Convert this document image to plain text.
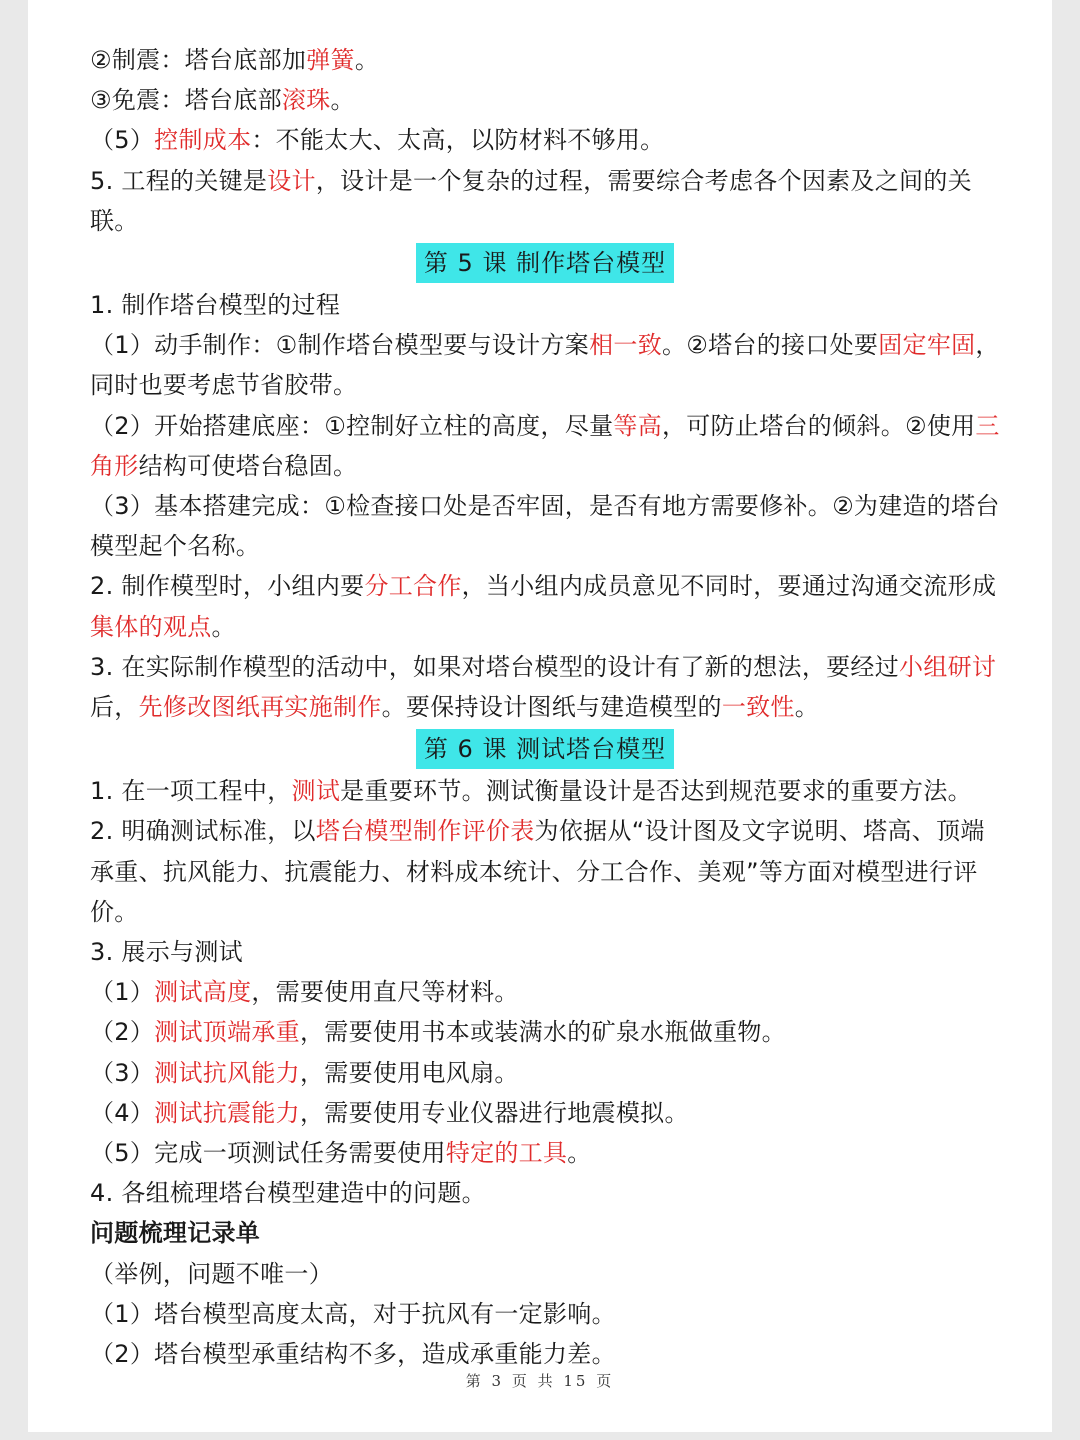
②制震：塔台底部加弹簧。
③免震：塔台底部滚珠。
（5）控制成本：不能太大、太高，以防材料不够用。
5. 工程的关键是设计，设计是一个复杂的过程，需要综合考虑各个因素及之间的关联。
第 5 课 制作塔台模型
1. 制作塔台模型的过程
（1）动手制作：①制作塔台模型要与设计方案相一致。②塔台的接口处要固定牢固，同时也要考虑节省胶带。
（2）开始搭建底座：①控制好立柱的高度，尽量等高，可防止塔台的倾斜。②使用三角形结构可使塔台稳固。
（3）基本搭建完成：①检查接口处是否牢固，是否有地方需要修补。②为建造的塔台模型起个名称。
2. 制作模型时，小组内要分工合作，当小组内成员意见不同时，要通过沟通交流形成集体的观点。
3. 在实际制作模型的活动中，如果对塔台模型的设计有了新的想法，要经过小组研讨后，先修改图纸再实施制作。要保持设计图纸与建造模型的一致性。
第 6 课 测试塔台模型
1. 在一项工程中，测试是重要环节。测试衡量设计是否达到规范要求的重要方法。
2. 明确测试标准，以塔台模型制作评价表为依据从“设计图及文字说明、塔高、顶端承重、抗风能力、抗震能力、材料成本统计、分工合作、美观”等方面对模型进行评价。
3. 展示与测试
（1）测试高度，需要使用直尺等材料。
（2）测试顶端承重，需要使用书本或装满水的矿泉水瓶做重物。
（3）测试抗风能力，需要使用电风扇。
（4）测试抗震能力，需要使用专业仪器进行地震模拟。
（5）完成一项测试任务需要使用特定的工具。
4. 各组梳理塔台模型建造中的问题。
问题梳理记录单
（举例，问题不唯一）
（1）塔台模型高度太高，对于抗风有一定影响。
（2）塔台模型承重结构不多，造成承重能力差。
第 3 页 共 15 页
